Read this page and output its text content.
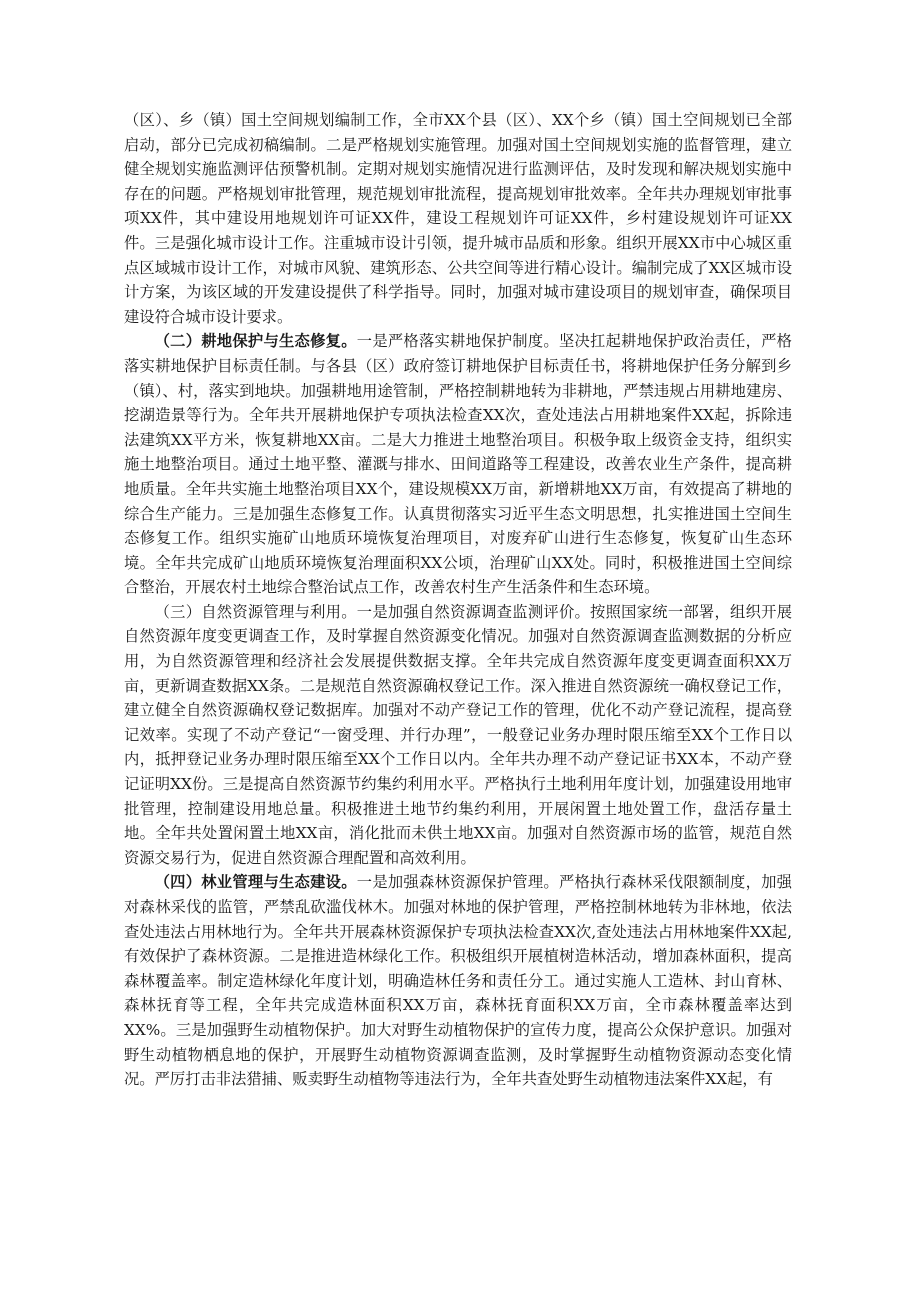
（区）、乡（镇）国土空间规划编制工作，全市XX个县（区）、XX个乡（镇）国土空间规划已全部启动，部分已完成初稿编制。二是严格规划实施管理。加强对国土空间规划实施的监督管理，建立健全规划实施监测评估预警机制。定期对规划实施情况进行监测评估，及时发现和解决规划实施中存在的问题。严格规划审批管理，规范规划审批流程，提高规划审批效率。全年共办理规划审批事项XX件，其中建设用地规划许可证XX件，建设工程规划许可证XX件，乡村建设规划许可证XX件。三是强化城市设计工作。注重城市设计引领，提升城市品质和形象。组织开展XX市中心城区重点区域城市设计工作，对城市风貌、建筑形态、公共空间等进行精心设计。编制完成了XX区城市设计方案，为该区域的开发建设提供了科学指导。同时，加强对城市建设项目的规划审查，确保项目建设符合城市设计要求。

（二）耕地保护与生态修复。一是严格落实耕地保护制度。坚决扛起耕地保护政治责任，严格落实耕地保护目标责任制。与各县（区）政府签订耕地保护目标责任书，将耕地保护任务分解到乡（镇）、村，落实到地块。加强耕地用途管制，严格控制耕地转为非耕地，严禁违规占用耕地建房、挖湖造景等行为。全年共开展耕地保护专项执法检查XX次，查处违法占用耕地案件XX起，拆除违法建筑XX平方米，恢复耕地XX亩。二是大力推进土地整治项目。积极争取上级资金支持，组织实施土地整治项目。通过土地平整、灌溉与排水、田间道路等工程建设，改善农业生产条件，提高耕地质量。全年共实施土地整治项目XX个，建设规模XX万亩，新增耕地XX万亩，有效提高了耕地的综合生产能力。三是加强生态修复工作。认真贯彻落实习近平生态文明思想，扎实推进国土空间生态修复工作。组织实施矿山地质环境恢复治理项目，对废弃矿山进行生态修复，恢复矿山生态环境。全年共完成矿山地质环境恢复治理面积XX公顷，治理矿山XX处。同时，积极推进国土空间综合整治，开展农村土地综合整治试点工作，改善农村生产生活条件和生态环境。

（三）自然资源管理与利用。一是加强自然资源调查监测评价。按照国家统一部署，组织开展自然资源年度变更调查工作，及时掌握自然资源变化情况。加强对自然资源调查监测数据的分析应用，为自然资源管理和经济社会发展提供数据支撑。全年共完成自然资源年度变更调查面积XX万亩，更新调查数据XX条。二是规范自然资源确权登记工作。深入推进自然资源统一确权登记工作，建立健全自然资源确权登记数据库。加强对不动产登记工作的管理，优化不动产登记流程，提高登记效率。实现了不动产登记“一窗受理、并行办理”，一般登记业务办理时限压缩至XX个工作日以内，抵押登记业务办理时限压缩至XX个工作日以内。全年共办理不动产登记证书XX本，不动产登记证明XX份。三是提高自然资源节约集约利用水平。严格执行土地利用年度计划，加强建设用地审批管理，控制建设用地总量。积极推进土地节约集约利用，开展闲置土地处置工作，盘活存量土地。全年共处置闲置土地XX亩，消化批而未供土地XX亩。加强对自然资源市场的监管，规范自然资源交易行为，促进自然资源合理配置和高效利用。

（四）林业管理与生态建设。一是加强森林资源保护管理。严格执行森林采伐限额制度，加强对森林采伐的监管，严禁乱砍滥伐林木。加强对林地的保护管理，严格控制林地转为非林地，依法查处违法占用林地行为。全年共开展森林资源保护专项执法检查XX次,查处违法占用林地案件XX起,有效保护了森林资源。二是推进造林绿化工作。积极组织开展植树造林活动，增加森林面积，提高森林覆盖率。制定造林绿化年度计划，明确造林任务和责任分工。通过实施人工造林、封山育林、森林抚育等工程，全年共完成造林面积XX万亩，森林抚育面积XX万亩，全市森林覆盖率达到XX%。三是加强野生动植物保护。加大对野生动植物保护的宣传力度，提高公众保护意识。加强对野生动植物栖息地的保护，开展野生动植物资源调查监测，及时掌握野生动植物资源动态变化情况。严厉打击非法猎捕、贩卖野生动植物等违法行为，全年共查处野生动植物违法案件XX起，有
